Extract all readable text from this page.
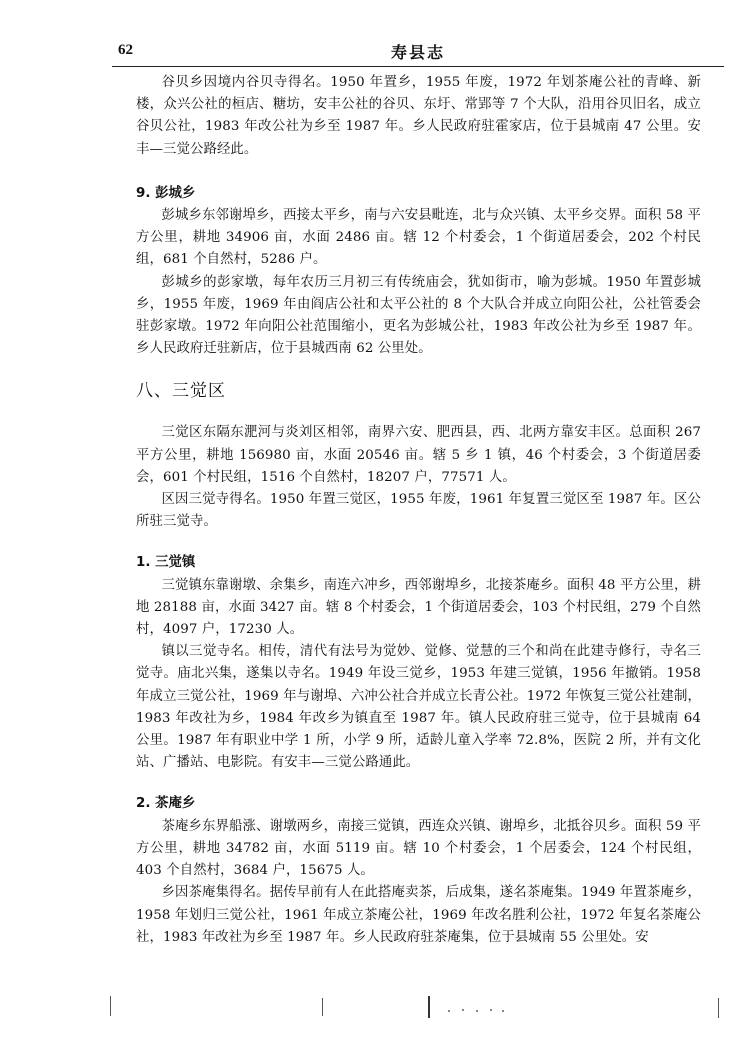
62	寿县志

谷贝乡因境内谷贝寺得名。1950 年置乡，1955 年废，1972 年划茶庵公社的青峰、新楼，众兴公社的桓店、糖坊，安丰公社的谷贝、东圩、常郢等 7 个大队，沿用谷贝旧名，成立谷贝公社，1983 年改公社为乡至 1987 年。乡人民政府驻霍家店，位于县城南 47 公里。安丰—三觉公路经此。

9. 彭城乡

彭城乡东邻谢埠乡，西接太平乡，南与六安县毗连，北与众兴镇、太平乡交界。面积 58 平方公里，耕地 34906 亩，水面 2486 亩。辖 12 个村委会，1 个街道居委会，202 个村民组，681 个自然村，5286 户。

彭城乡的彭家墩，每年农历三月初三有传统庙会，犹如街市，喻为彭城。1950 年置彭城乡，1955 年废，1969 年由阎店公社和太平公社的 8 个大队合并成立向阳公社，公社管委会驻彭家墩。1972 年向阳公社范围缩小，更名为彭城公社，1983 年改公社为乡至 1987 年。乡人民政府迁驻新店，位于县城西南 62 公里处。

八、三觉区

三觉区东隔东淝河与炎刘区相邻，南界六安、肥西县，西、北两方靠安丰区。总面积 267 平方公里，耕地 156980 亩，水面 20546 亩。辖 5 乡 1 镇，46 个村委会，3 个街道居委会，601 个村民组，1516 个自然村，18207 户，77571 人。

区因三觉寺得名。1950 年置三觉区，1955 年废，1961 年复置三觉区至 1987 年。区公所驻三觉寺。

1. 三觉镇

三觉镇东靠谢墩、余集乡，南连六冲乡，西邻谢埠乡，北接茶庵乡。面积 48 平方公里，耕地 28188 亩，水面 3427 亩。辖 8 个村委会，1 个街道居委会，103 个村民组，279 个自然村，4097 户，17230 人。

镇以三觉寺名。相传，清代有法号为觉妙、觉修、觉慧的三个和尚在此建寺修行，寺名三觉寺。庙北兴集，遂集以寺名。1949 年设三觉乡，1953 年建三觉镇，1956 年撤销。1958 年成立三觉公社，1969 年与谢埠、六冲公社合并成立长青公社。1972 年恢复三觉公社建制，1983 年改社为乡，1984 年改乡为镇直至 1987 年。镇人民政府驻三觉寺，位于县城南 64 公里。1987 年有职业中学 1 所，小学 9 所，适龄儿童入学率 72.8%，医院 2 所，并有文化站、广播站、电影院。有安丰—三觉公路通此。

2. 茶庵乡

茶庵乡东界船涨、谢墩两乡，南接三觉镇，西连众兴镇、谢埠乡，北抵谷贝乡。面积 59 平方公里，耕地 34782 亩，水面 5119 亩。辖 10 个村委会，1 个居委会，124 个村民组，403 个自然村，3684 户，15675 人。

乡因茶庵集得名。据传早前有人在此搭庵卖茶，后成集，遂名茶庵集。1949 年置茶庵乡，1958 年划归三觉公社，1961 年成立茶庵公社，1969 年改名胜利公社，1972 年复名茶庵公社，1983 年改社为乡至 1987 年。乡人民政府驻茶庵集，位于县城南 55 公里处。安
